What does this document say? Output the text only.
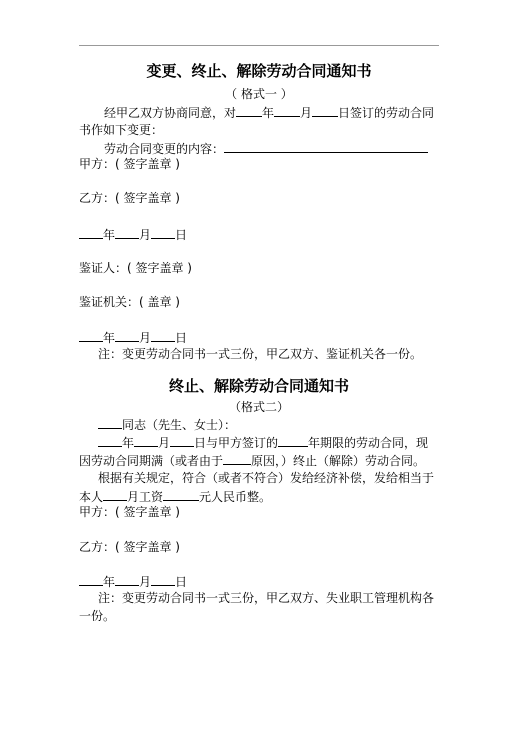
变更、终止、解除劳动合同通知书
（ 格式一 ）
经甲乙双方协商同意，对 年 月 日签订的劳动合同
书作如下变更：
劳动合同变更的内容：
甲方：( 签字盖章 )
乙方：( 签字盖章 )
年 月 日
鉴证人：( 签字盖章 )
鉴证机关：( 盖章 )
年 月 日
注：变更劳动合同书一式三份，甲乙双方、鉴证机关各一份。
终止、解除劳动合同通知书
（格式二）
同志（先生、女士）：
年 月 日与甲方签订的	年期限的劳动合同，现
因劳动合同期满（或者由于 原因，）终止（解除）劳动合同。
根据有关规定，符合（或者不符合）发给经济补偿，发给相当于
本人 月工资	元人民币整。
甲方：( 签字盖章 )
乙方：( 签字盖章 )
年 月 日
注：变更劳动合同书一式三份，甲乙双方、失业职工管理机构各
一份。
